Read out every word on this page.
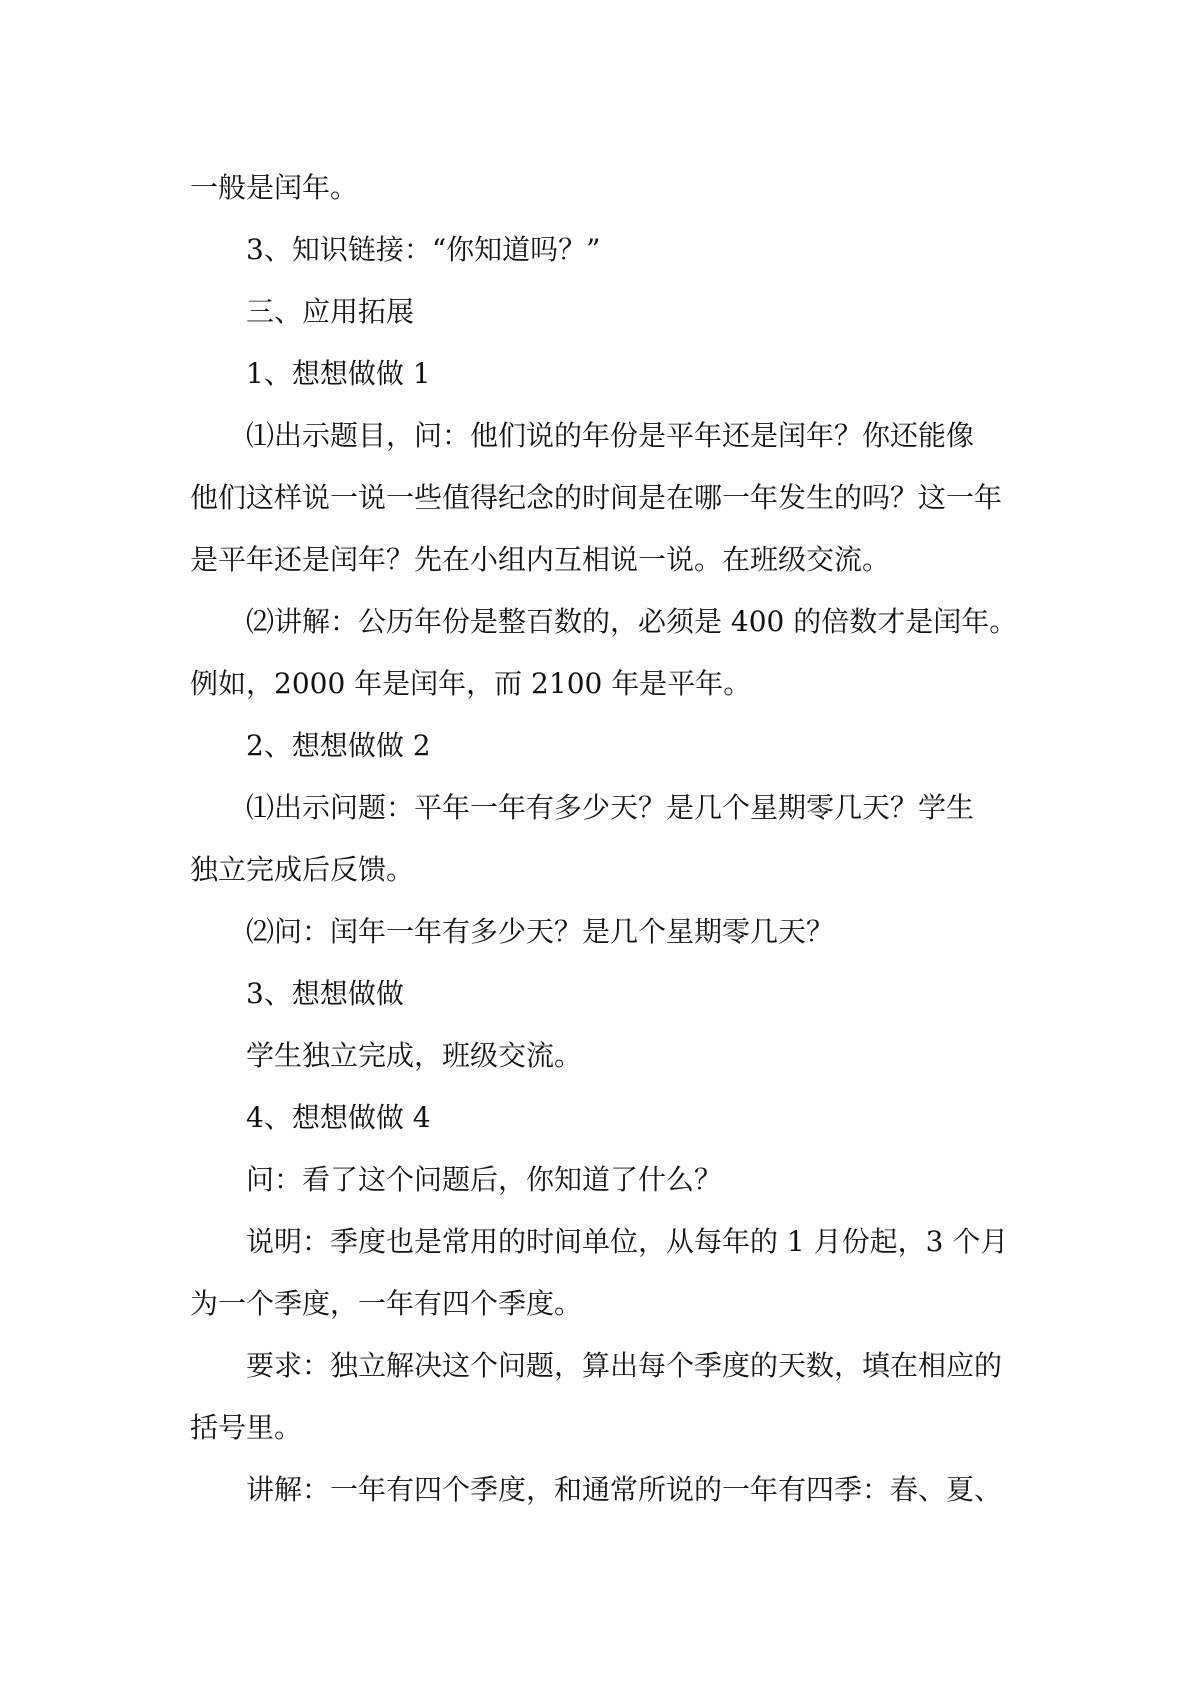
一般是闰年。
3、知识链接：“你知道吗？”
三、应用拓展
1、想想做做 1
⑴出示题目，问：他们说的年份是平年还是闰年？你还能像
他们这样说一说一些值得纪念的时间是在哪一年发生的吗？这一年
是平年还是闰年？先在小组内互相说一说。在班级交流。
⑵讲解：公历年份是整百数的，必须是 400 的倍数才是闰年。
例如，2000 年是闰年，而 2100 年是平年。
2、想想做做 2
⑴出示问题：平年一年有多少天？是几个星期零几天？学生
独立完成后反馈。
⑵问：闰年一年有多少天？是几个星期零几天？
3、想想做做
学生独立完成，班级交流。
4、想想做做 4
问：看了这个问题后，你知道了什么？
说明：季度也是常用的时间单位，从每年的 1 月份起，3 个月
为一个季度，一年有四个季度。
要求：独立解决这个问题，算出每个季度的天数，填在相应的
括号里。
讲解：一年有四个季度，和通常所说的一年有四季：春、夏、
